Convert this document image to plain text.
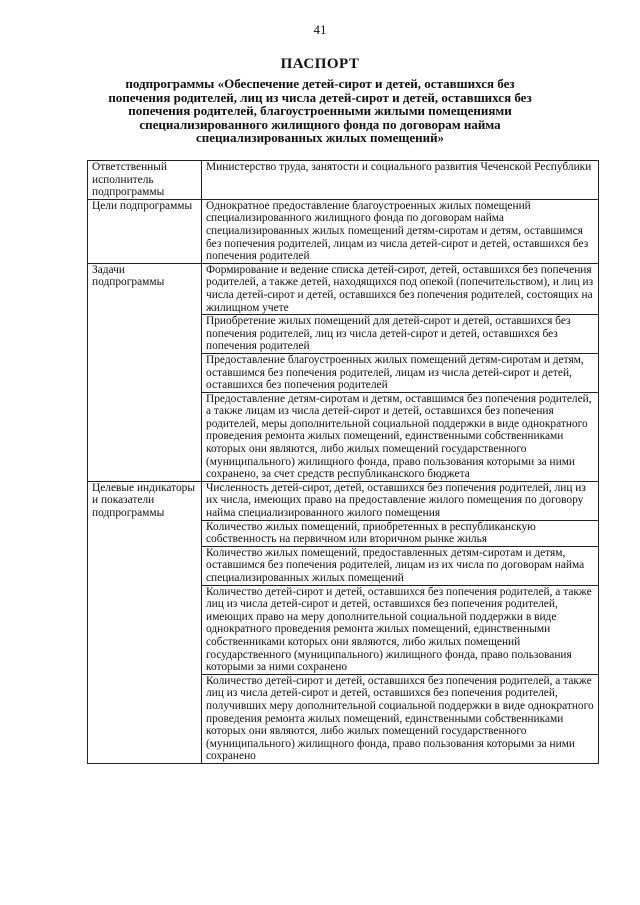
41
ПАСПОРТ
подпрограммы «Обеспечение детей-сирот и детей, оставшихся без попечения родителей, лиц из числа детей-сирот и детей, оставшихся без попечения родителей, благоустроенными жилыми помещениями специализированного жилищного фонда по договорам найма специализированных жилых помещений»
Ответственный исполнитель подпрограммы	Министерство труда, занятости и социального развития Чеченской Республики
Цели подпрограммы	Однократное предоставление благоустроенных жилых помещений специализированного жилищного фонда по договорам найма специализированных жилых помещений детям-сиротам и детям, оставшимся без попечения родителей, лицам из числа детей-сирот и детей, оставшихся без попечения родителей
Задачи подпрограммы	Формирование и ведение списка детей-сирот, детей, оставшихся без попечения родителей, а также детей, находящихся под опекой (попечительством), и лиц из числа детей-сирот и детей, оставшихся без попечения родителей, состоящих на жилищном учете
	Приобретение жилых помещений для детей-сирот и детей, оставшихся без попечения родителей, лиц из числа детей-сирот и детей, оставшихся без попечения родителей
	Предоставление благоустроенных жилых помещений детям-сиротам и детям, оставшимся без попечения родителей, лицам из числа детей-сирот и детей, оставшихся без попечения родителей
	Предоставление детям-сиротам и детям, оставшимся без попечения родителей, а также лицам из числа детей-сирот и детей, оставшихся без попечения родителей, меры дополнительной социальной поддержки в виде однократного проведения ремонта жилых помещений, единственными собственниками которых они являются, либо жилых помещений государственного (муниципального) жилищного фонда, право пользования которыми за ними сохранено, за счет средств республиканского бюджета
Целевые индикаторы и показатели подпрограммы	Численность детей-сирот, детей, оставшихся без попечения родителей, лиц из их числа, имеющих право на предоставление жилого помещения по договору найма специализированного жилого помещения
	Количество жилых помещений, приобретенных в республиканскую собственность на первичном или вторичном рынке жилья
	Количество жилых помещений, предоставленных детям-сиротам и детям, оставшимся без попечения родителей, лицам из их числа по договорам найма специализированных жилых помещений
	Количество детей-сирот и детей, оставшихся без попечения родителей, а также лиц из числа детей-сирот и детей, оставшихся без попечения родителей, имеющих право на меру дополнительной социальной поддержки в виде однократного проведения ремонта жилых помещений, единственными собственниками которых они являются, либо жилых помещений государственного (муниципального) жилищного фонда, право пользования которыми за ними сохранено
	Количество детей-сирот и детей, оставшихся без попечения родителей, а также лиц из числа детей-сирот и детей, оставшихся без попечения родителей, получивших меру дополнительной социальной поддержки в виде однократного проведения ремонта жилых помещений, единственными собственниками которых они являются, либо жилых помещений государственного (муниципального) жилищного фонда, право пользования которыми за ними сохранено
